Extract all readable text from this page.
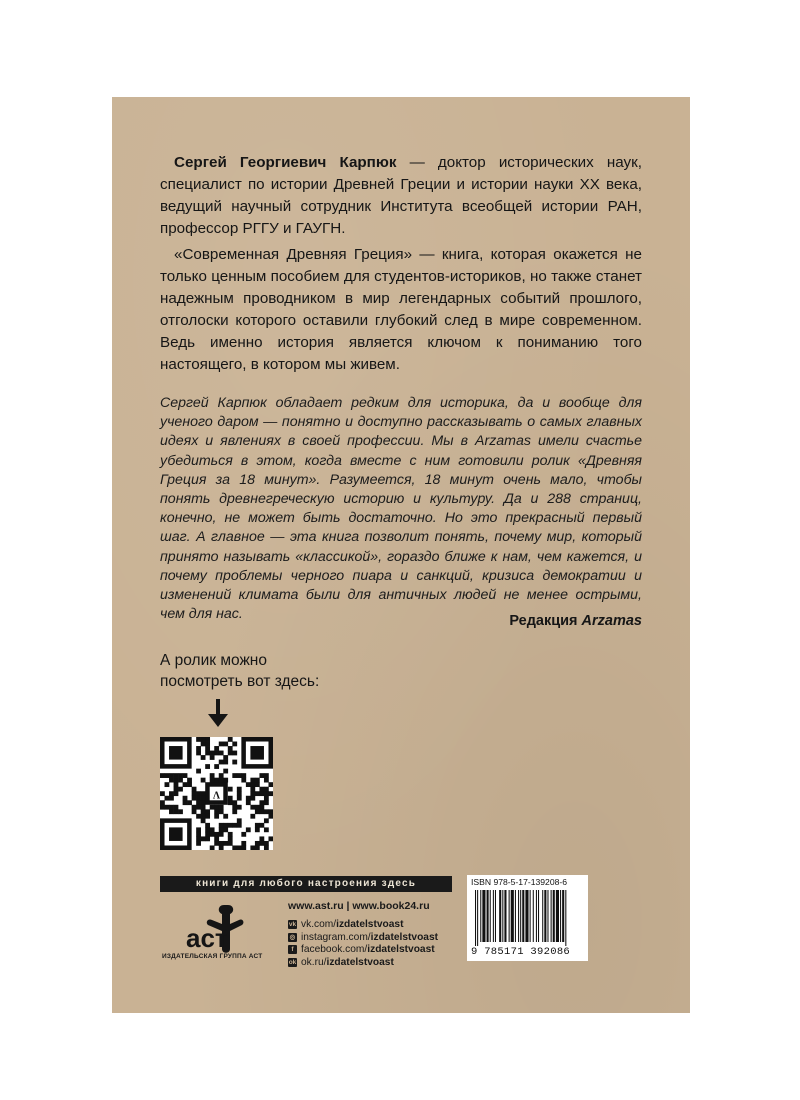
Сергей Георгиевич Карпюк — доктор исторических наук, специалист по истории Древней Греции и истории науки XX века, ведущий научный сотрудник Института всеобщей истории РАН, профессор РГГУ и ГАУГН.

«Современная Древняя Греция» — книга, которая окажется не только ценным пособием для студентов-историков, но также станет надежным проводником в мир легендарных событий прошлого, отголоски которого оставили глубокий след в мире современном. Ведь именно история является ключом к пониманию того настоящего, в котором мы живем.

Сергей Карпюк обладает редким для историка, да и вообще для ученого даром — понятно и доступно рассказывать о самых главных идеях и явлениях в своей профессии. Мы в Arzamas имели счастье убедиться в этом, когда вместе с ним готовили ролик «Древняя Греция за 18 минут». Разумеется, 18 минут очень мало, чтобы понять древнегреческую историю и культуру. Да и 288 страниц, конечно, не может быть достаточно. Но это прекрасный первый шаг. А главное — эта книга позволит понять, почему мир, который принято называть «классикой», гораздо ближе к нам, чем кажется, и почему проблемы черного пиара и санкций, кризиса демократии и изменений климата были для античных людей не менее острыми, чем для нас.	Редакция Arzamas
А ролик можно
посмотреть вот здесь:
Λ
книги для любого настроения здесь
аст
ИЗДАТЕЛЬСКАЯ ГРУППА АСТ
www.ast.ru | www.book24.ru
vk vk.com/ izdatelstvoast
◎ instagram.com/ izdatelstvoast
f facebook.com/ izdatelstvoast
ok ok.ru/ izdatelstvoast
ISBN 978-5-17-139208-6
9 785171 392086
